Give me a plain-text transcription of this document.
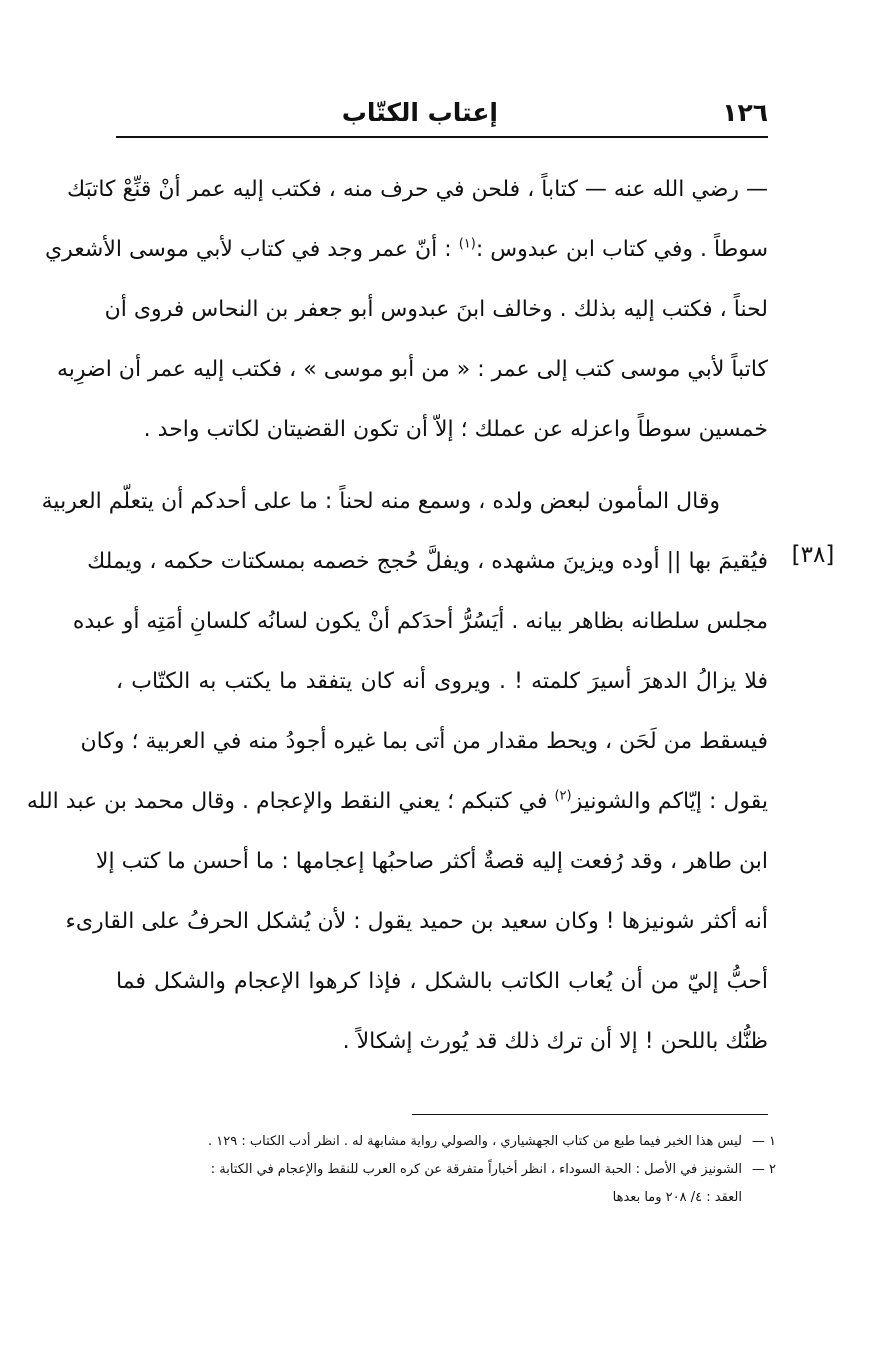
١٢٦
إعتاب الكتّاب
[٣٨]
— رضي الله عنه — كتاباً ، فلحن في حرف منه ، فكتب إليه عمر أنْ قنِّعْ كاتبَك
سوطاً . وفي كتاب ابن عبدوس :$^{(١)}$ : أنّ عمر وجد في كتاب لأبي موسى الأشعري
لحناً ، فكتب إليه بذلك . وخالف ابنَ عبدوس أبو جعفر بن النحاس فروى أن
كاتباً لأبي موسى كتب إلى عمر : « من أبو موسى » ، فكتب إليه عمر أن اضرِبه
خمسين سوطاً واعزله عن عملك ؛ إلاّ أن تكون القضيتان لكاتب واحد .
وقال المأمون لبعض ولده ، وسمع منه لحناً : ما على أحدكم أن يتعلّم العربية
فيُقيمَ بها || أوده ويزينَ مشهده ، ويفلَّ حُجج خصمه بمسكتات حكمه ، ويملك
مجلس سلطانه بظاهر بيانه . أيَسُرُّ أحدَكم أنْ يكون لسانُه كلسانِ أمَتِه أو عبده
فلا يزالُ الدهرَ أسيرَ كلمته ! . ويروى أنه كان يتفقد ما يكتب به الكتّاب ،
فيسقط من لَحَن ، ويحط مقدار من أتى بما غيره أجودُ منه في العربية ؛ وكان
يقول : إيّاكم والشونيز$^{(٢)}$ في كتبكم ؛ يعني النقط والإعجام . وقال محمد بن عبد الله
ابن طاهر ، وقد رُفعت إليه قصةٌ أكثر صاحبُها إعجامها : ما أحسن ما كتب إلا
أنه أكثر شونيزها ! وكان سعيد بن حميد يقول : لأن يُشكل الحرفُ على القارىء
أحبُّ إليّ من أن يُعاب الكاتب بالشكل ، فإذا كرهوا الإعجام والشكل فما
ظنُّك باللحن ! إلا أن ترك ذلك قد يُورث إشكالاً .
١ —ليس هذا الخبر فيما طبع من كتاب الجهشياري ، والصولي رواية مشابهة له . انظر أدب الكتاب : ١٢٩ .
٢ —الشونيز في الأصل : الحبة السوداء ، انظر أخباراً متفرقة عن كره العرب للنقط والإعجام في الكتابة :
العقد : ٤/ ٢٠٨ وما بعدها
